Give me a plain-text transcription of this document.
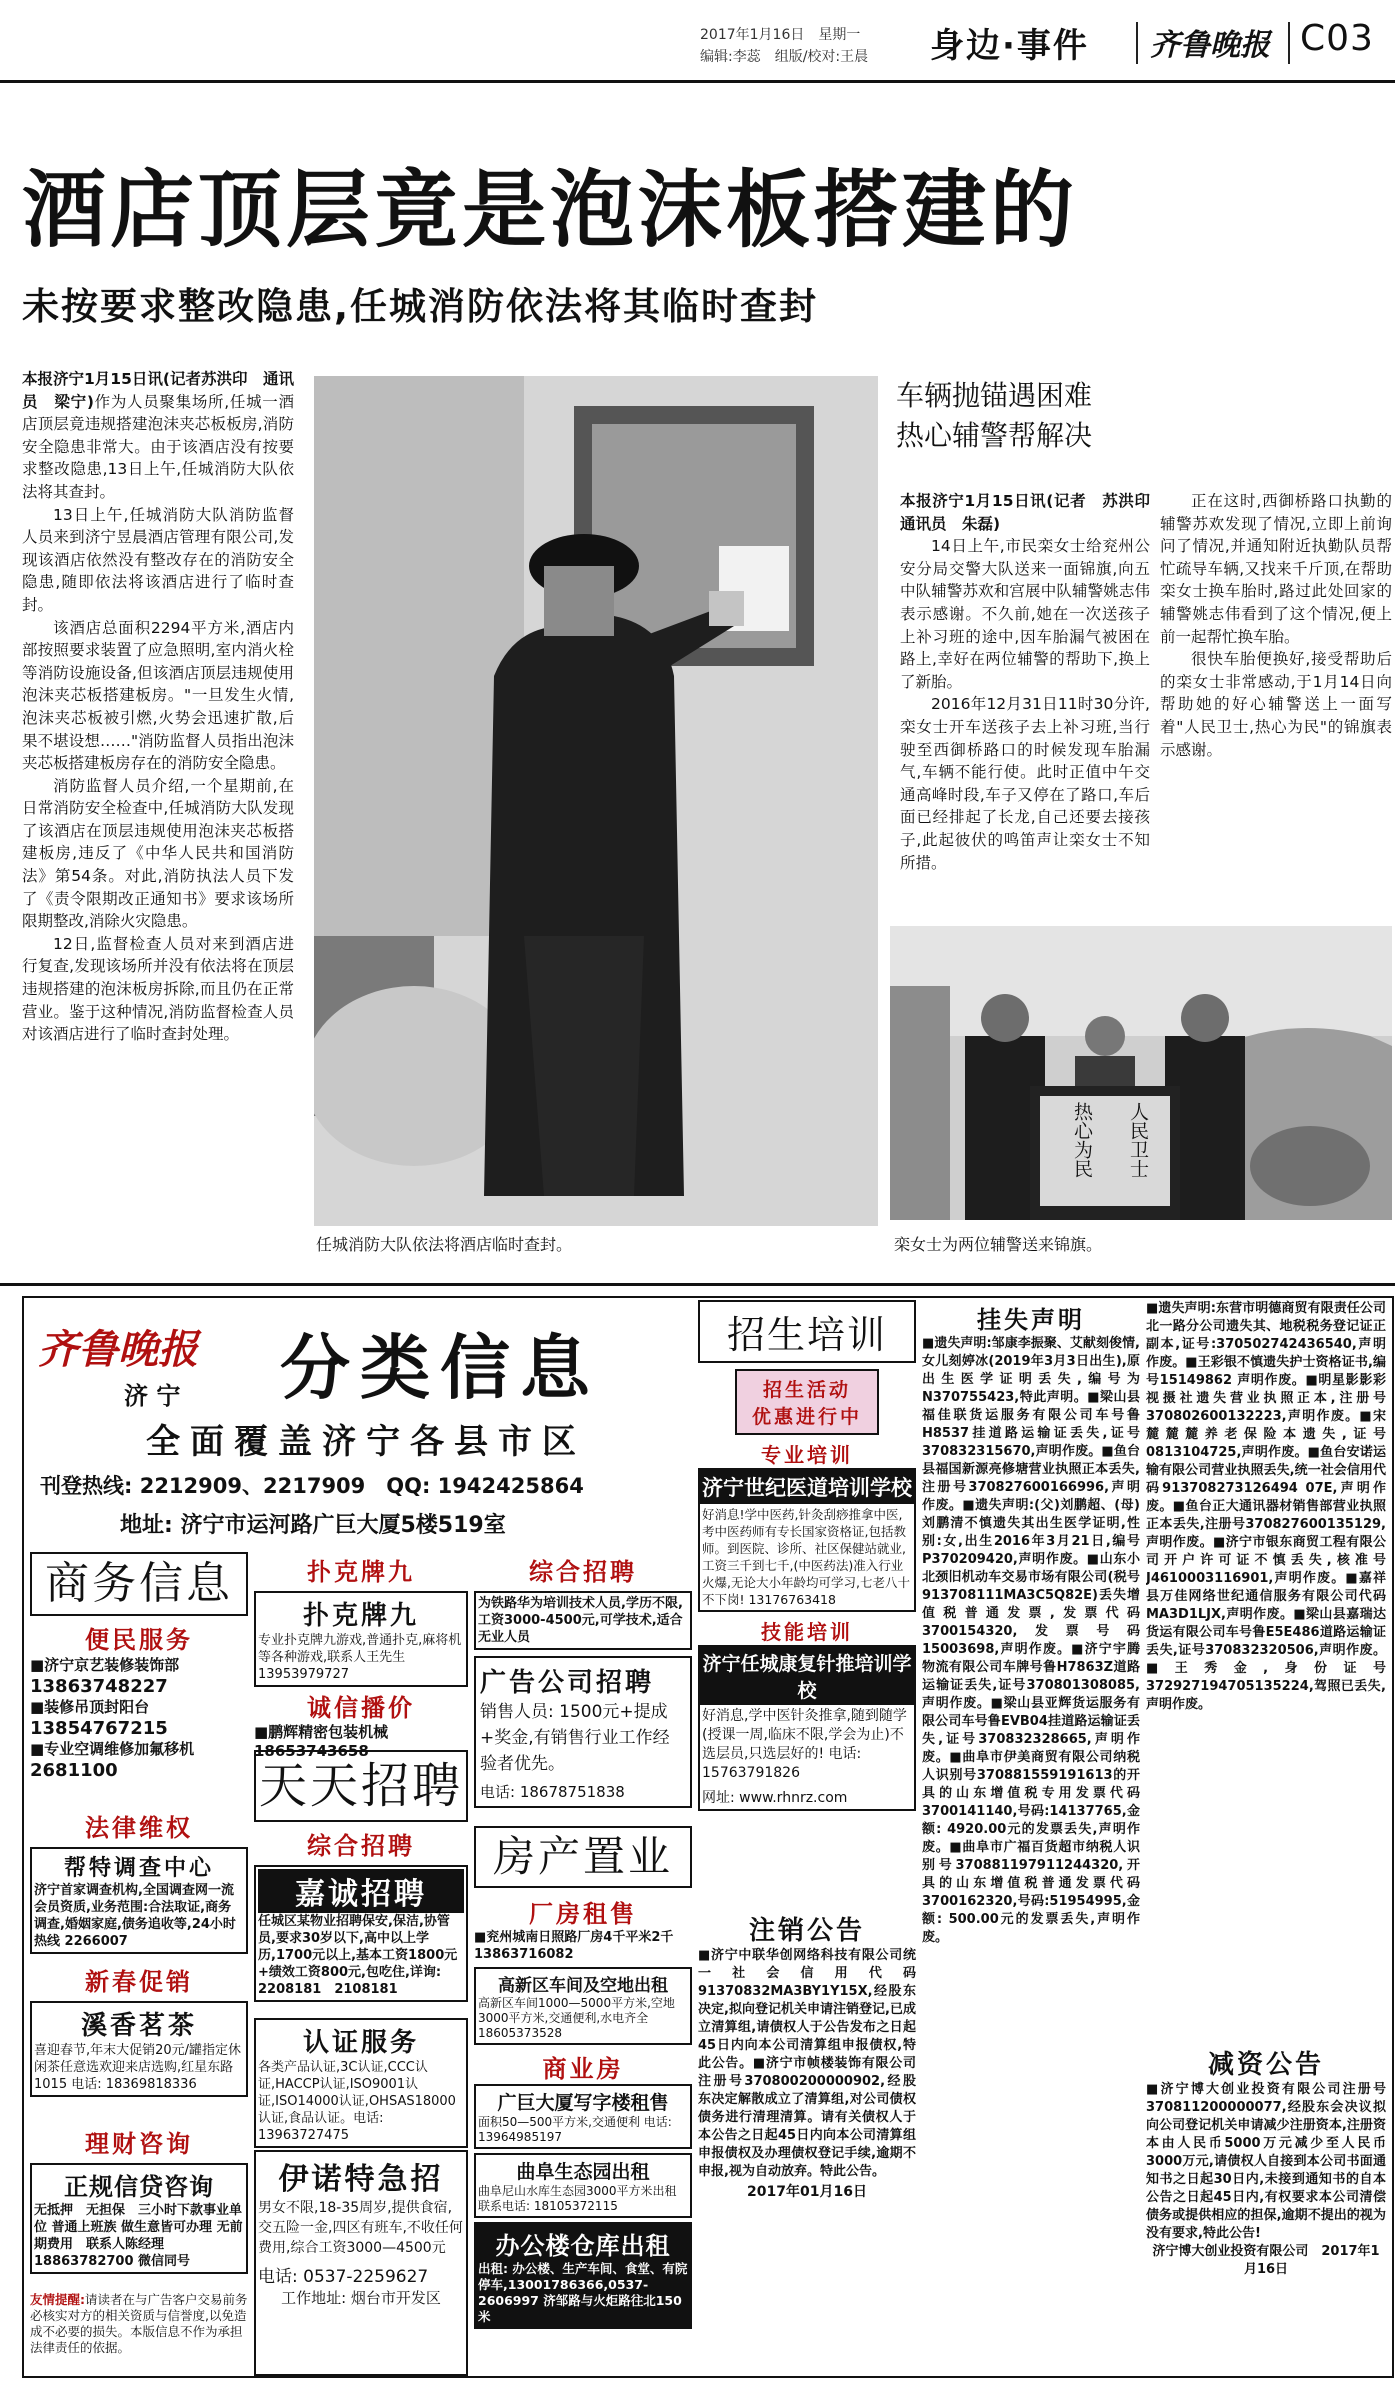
2017年1月16日　星期一
编辑:李蕊　组版/校对:王晨 身边·事件 齐鲁晚报 C03
酒店顶层竟是泡沫板搭建的
未按要求整改隐患,任城消防依法将其临时查封

本报济宁1月15日讯(记者苏洪印　通讯员　梁宁)作为人员聚集场所,任城一酒店顶层竟违规搭建泡沫夹芯板板房,消防安全隐患非常大。由于该酒店没有按要求整改隐患,13日上午,任城消防大队依法将其查封。

13日上午,任城消防大队消防监督人员来到济宁昱晨酒店管理有限公司,发现该酒店依然没有整改存在的消防安全隐患,随即依法将该酒店进行了临时查封。

该酒店总面积2294平方米,酒店内部按照要求装置了应急照明,室内消火栓等消防设施设备,但该酒店顶层违规使用泡沫夹芯板搭建板房。"一旦发生火情,泡沫夹芯板被引燃,火势会迅速扩散,后果不堪设想……"消防监督人员指出泡沫夹芯板搭建板房存在的消防安全隐患。

消防监督人员介绍,一个星期前,在日常消防安全检查中,任城消防大队发现了该酒店在顶层违规使用泡沫夹芯板搭建板房,违反了《中华人民共和国消防法》第54条。对此,消防执法人员下发了《责令限期改正通知书》要求该场所限期整改,消除火灾隐患。

12日,监督检查人员对来到酒店进行复查,发现该场所并没有依法将在顶层违规搭建的泡沫板房拆除,而且仍在正常营业。鉴于这种情况,消防监督检查人员对该酒店进行了临时查封处理。

任城消防大队依法将酒店临时查封。
车辆抛锚遇困难
热心辅警帮解决

本报济宁1月15日讯(记者　苏洪印　通讯员　朱磊)

14日上午,市民栾女士给兖州公安分局交警大队送来一面锦旗,向五中队辅警苏欢和宫展中队辅警姚志伟表示感谢。不久前,她在一次送孩子上补习班的途中,因车胎漏气被困在路上,幸好在两位辅警的帮助下,换上了新胎。

2016年12月31日11时30分许,栾女士开车送孩子去上补习班,当行驶至西御桥路口的时候发现车胎漏气,车辆不能行使。此时正值中午交通高峰时段,车子又停在了路口,车后面已经排起了长龙,自己还要去接孩子,此起彼伏的鸣笛声让栾女士不知所措。

正在这时,西御桥路口执勤的辅警苏欢发现了情况,立即上前询问了情况,并通知附近执勤队员帮忙疏导车辆,又找来千斤顶,在帮助栾女士换车胎时,路过此处回家的辅警姚志伟看到了这个情况,便上前一起帮忙换车胎。

很快车胎便换好,接受帮助后的栾女士非常感动,于1月14日向帮助她的好心辅警送上一面写着"人民卫士,热心为民"的锦旗表示感谢。

热心为民	人民卫士
栾女士为两位辅警送来锦旗。
齐鲁晚报
济 宁 分类信息
全面覆盖济宁各县市区
刊登热线: 2212909、2217909　QQ: 1942425864
地址: 济宁市运河路广巨大厦5楼519室
商务信息
便民服务
■济宁京艺装修装饰部
13863748227
■装修吊顶封阳台
13854767215
■专业空调维修加氟移机
2681100
法律维权
帮特调查中心
济宁首家调查机构,全国调查网一流会员资质,业务范围:合法取证,商务调查,婚姻家庭,债务追收等,24小时热线 2266007
新春促销
溪香茗茶
喜迎春节,年末大促销20元/罐指定休闲茶任意选欢迎来店选购,红星东路1015 电话: 18369818336
理财咨询
正规信贷咨询
无抵押　无担保　三小时下款事业单位 普通上班族 做生意皆可办理 无前期费用　联系人陈经理 18863782700 微信同号
友情提醒:请读者在与广告客户交易前务必核实对方的相关资质与信誉度,以免造成不必要的损失。本版信息不作为承担法律责任的依据。
扑克牌九
扑克牌九
专业扑克牌九游戏,普通扑克,麻将机等各种游戏,联系人王先生 13953979727
诚信播价
■鹏辉精密包装机械 18653743658
天天招聘
综合招聘
嘉诚招聘
任城区某物业招聘保安,保洁,协管员,要求30岁以下,高中以上学历,1700元以上,基本工资1800元+绩效工资800元,包吃住,详询: 2208181　2108181
认证服务
各类产品认证,3C认证,CCC认证,HACCP认证,ISO9001认证,ISO14000认证,OHSAS18000认证,食品认证。电话: 13963727475
伊诺特急招
男女不限,18-35周岁,提供食宿,交五险一金,四区有班车,不收任何费用,综合工资3000—4500元
电话: 0537-2259627
工作地址: 烟台市开发区
综合招聘
为铁路华为培训技术人员,学历不限,工资3000-4500元,可学技术,适合无业人员
广告公司招聘
销售人员: 1500元+提成+奖金,有销售行业工作经验者优先。
电话: 18678751838
房产置业
厂房租售
■兖州城南日照路厂房4千平米2千 13863716082
高新区车间及空地出租
高新区车间1000—5000平方米,空地3000平方米,交通便利,水电齐全 18605373528
商业房
广巨大厦写字楼租售
面积50—500平方米,交通便利 电话: 13964985197
曲阜生态园出租
曲阜尼山水库生态园3000平方米出租 联系电话: 18105372115
办公楼仓库出租
出租: 办公楼、生产车间、食堂、有院停车,13001786366,0537-2606997 济邹路与火炬路往北150米
招生培训
招生活动
优惠进行中
专业培训
济宁世纪医道培训学校
好消息!学中医药,针灸刮痧推拿中医,考中医药师有专长国家资格证,包括教师。到医院、诊所、社区保健站就业,工资三千到七千,(中医药法)准入行业 火爆,无论大小年龄均可学习,七老八十不下岗! 13176763418
技能培训
济宁任城康复针推培训学校
好消息,学中医针灸推拿,随到随学(授课一周,临床不限,学会为止)不选层员,只选层好的! 电话: 15763791826
网址: www.rhnrz.com
注销公告
■济宁中联华创网络科技有限公司统一社会信用代码91370832MA3BY1Y15X,经股东决定,拟向登记机关申请注销登记,已成立清算组,请债权人于公告发布之日起45日内向本公司清算组申报债权,特此公告。■济宁市帧楼装饰有限公司注册号370800200000902,经股东决定解散成立了清算组,对公司债权债务进行清理清算。请有关债权人于本公告之日起45日内向本公司清算组申报债权及办理债权登记手续,逾期不申报,视为自动放弃。特此公告。
2017年01月16日
挂失声明
■遗失声明:邹康李振聚、艾献刻俊情,女儿刻婷冰(2019年3月3日出生),原出生医学证明丢失,编号为N370755423,特此声明。■梁山县福佳联货运服务有限公司车号鲁H8537挂道路运输证丢失,证号370832315670,声明作废。■鱼台县福国新源亮修塘营业执照正本丢失,注册号370827600166996,声明作废。■遗失声明:(父)刘鹏超、(母)刘鹏清不慎遗失其出生医学证明,性别:女,出生2016年3月21日,编号P370209420,声明作废。■山东小北颈旧机动车交易市场有限公司(税号913708111MA3C5Q82E)丢失增值税普通发票,发票代码3700154320,发票号码15003698,声明作废。■济宁宇腾物流有限公司车牌号鲁H7863Z道路运输证丢失,证号370801308085,声明作废。■梁山县亚辉货运服务有限公司车号鲁EVB04挂道路运输证丢失,证号370832328665,声明作废。■曲阜市伊美商贸有限公司纳税人识别号370881559191613的开具的山东增值税专用发票代码3700141140,号码:14137765,金额: 4920.00元的发票丢失,声明作废。■曲阜市广福百货超市纳税人识别号370881197911244320,开具的山东增值税普通发票代码3700162320,号码:51954995,金额: 500.00元的发票丢失,声明作废。
■遗失声明:东营市明德商贸有限责任公司北一路分公司遗失其、地税税务登记证正副本,证号:370502742436540,声明作废。■王彩银不慎遗失护士资格证书,编号15149862 声明作废。■明星影影彩视摄社遗失营业执照正本,注册号370802600132223,声明作废。■宋麓麓麓养老保险本遗失,证号0813104725,声明作废。■鱼台安诺运输有限公司营业执照丢失,统一社会信用代码913708273126494 07E,声明作废。■鱼台正大通讯器材销售部营业执照正本丢失,注册号370827600135129,声明作废。■济宁市银东商贸工程有限公司开户许可证不慎丢失,核准号J4610003116901,声明作废。■嘉祥县万佳网络世纪通信服务有限公司代码MA3D1LJX,声明作废。■梁山县嘉瑞达货运有限公司车号鲁E5E486道路运输证丢失,证号370832320506,声明作废。■王秀金,身份证号372927194705135224,驾照已丢失,声明作废。
减资公告
■济宁博大创业投资有限公司注册号370811200000077,经股东会决议拟向公司登记机关申请减少注册资本,注册资本由人民币5000万元减少至人民币3000万元,请债权人自接到本公司书面通知书之日起30日内,未接到通知书的自本公告之日起45日内,有权要求本公司清偿债务或提供相应的担保,逾期不提出的视为没有要求,特此公告!
济宁博大创业投资有限公司　2017年1月16日
